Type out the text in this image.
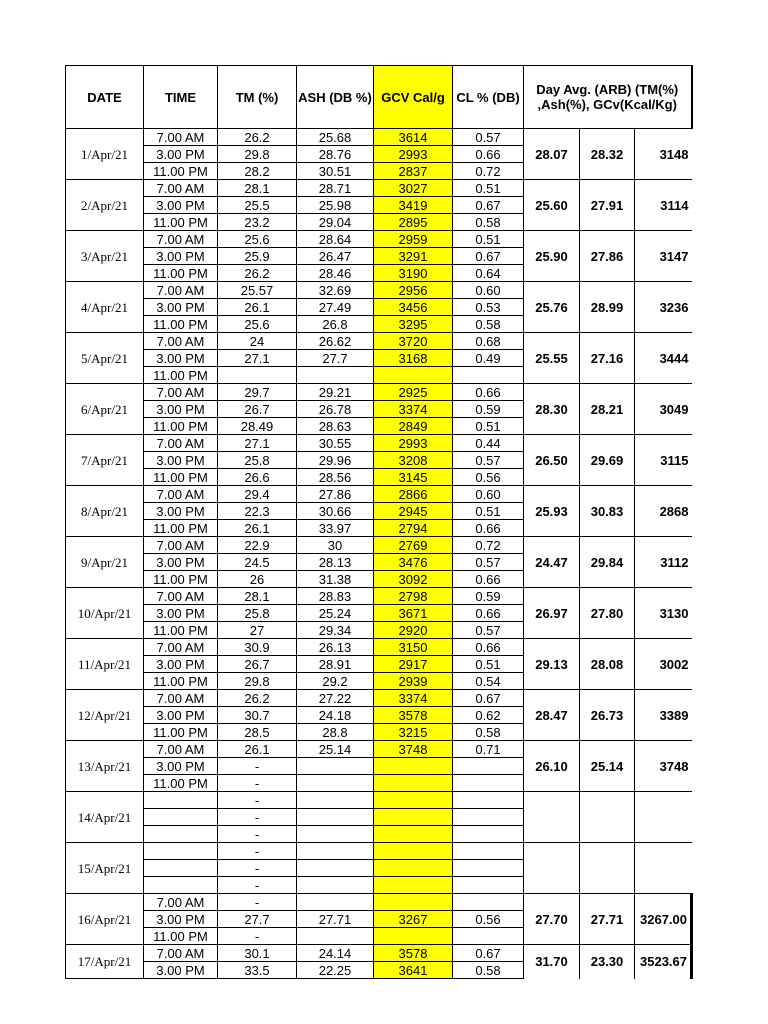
DATE	TIME	TM (%)	ASH (DB %)	GCV Cal/g	CL % (DB)	Day Avg. (ARB) (TM(%) ,Ash(%), GCv(Kcal/Kg)		
1/Apr/21	7.00 AM	26.2	25.68	3614	0.57	28.07	28.32	3148
	3.00 PM	29.8	28.76	2993	0.66			
	11.00 PM	28.2	30.51	2837	0.72			
2/Apr/21	7.00 AM	28.1	28.71	3027	0.51	25.60	27.91	3114
	3.00 PM	25.5	25.98	3419	0.67			
	11.00 PM	23.2	29.04	2895	0.58			
3/Apr/21	7.00 AM	25.6	28.64	2959	0.51	25.90	27.86	3147
	3.00 PM	25.9	26.47	3291	0.67			
	11.00 PM	26.2	28.46	3190	0.64			
4/Apr/21	7.00 AM	25.57	32.69	2956	0.60	25.76	28.99	3236
	3.00 PM	26.1	27.49	3456	0.53			
	11.00 PM	25.6	26.8	3295	0.58			
5/Apr/21	7.00 AM	24	26.62	3720	0.68	25.55	27.16	3444
	3.00 PM	27.1	27.7	3168	0.49			
	11.00 PM							
6/Apr/21	7.00 AM	29.7	29.21	2925	0.66	28.30	28.21	3049
	3.00 PM	26.7	26.78	3374	0.59			
	11.00 PM	28.49	28.63	2849	0.51			
7/Apr/21	7.00 AM	27.1	30.55	2993	0.44	26.50	29.69	3115
	3.00 PM	25.8	29.96	3208	0.57			
	11.00 PM	26.6	28.56	3145	0.56			
8/Apr/21	7.00 AM	29.4	27.86	2866	0.60	25.93	30.83	2868
	3.00 PM	22.3	30.66	2945	0.51			
	11.00 PM	26.1	33.97	2794	0.66			
9/Apr/21	7.00 AM	22.9	30	2769	0.72	24.47	29.84	3112
	3.00 PM	24.5	28.13	3476	0.57			
	11.00 PM	26	31.38	3092	0.66			
10/Apr/21	7.00 AM	28.1	28.83	2798	0.59	26.97	27.80	3130
	3.00 PM	25.8	25.24	3671	0.66			
	11.00 PM	27	29.34	2920	0.57			
11/Apr/21	7.00 AM	30.9	26.13	3150	0.66	29.13	28.08	3002
	3.00 PM	26.7	28.91	2917	0.51			
	11.00 PM	29.8	29.2	2939	0.54			
12/Apr/21	7.00 AM	26.2	27.22	3374	0.67	28.47	26.73	3389
	3.00 PM	30.7	24.18	3578	0.62			
	11.00 PM	28.5	28.8	3215	0.58			
13/Apr/21	7.00 AM	26.1	25.14	3748	0.71	26.10	25.14	3748
	3.00 PM	-						
	11.00 PM	-						
14/Apr/21		-						
		-						
		-						
15/Apr/21		-						
		-						
		-						
16/Apr/21	7.00 AM	-				27.70	27.71	3267.00
	3.00 PM	27.7	27.71	3267	0.56			
	11.00 PM	-						
17/Apr/21	7.00 AM	30.1	24.14	3578	0.67	31.70	23.30	3523.67
	3.00 PM	33.5	22.25	3641	0.58			
